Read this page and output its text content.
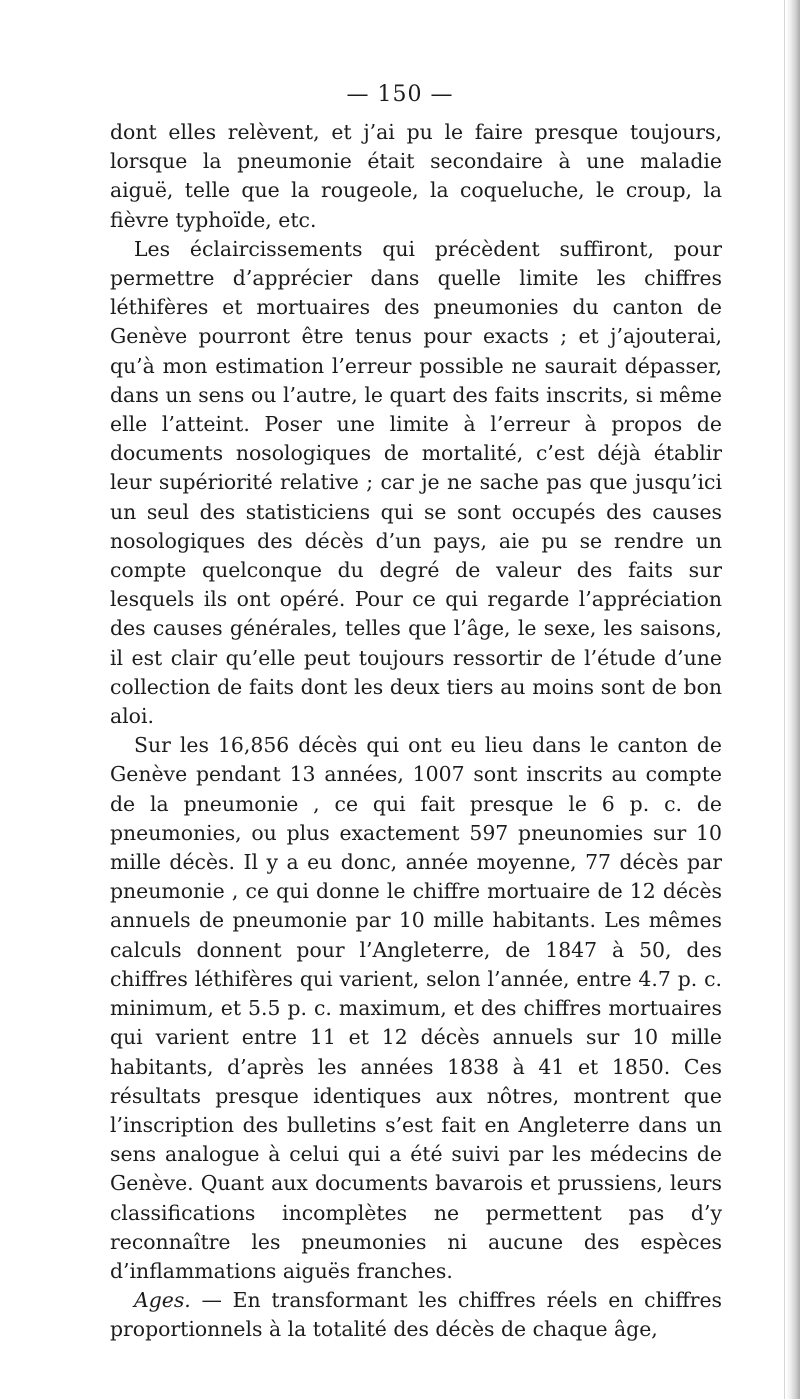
— 150 —

dont elles relèvent, et j’ai pu le faire presque toujours, lorsque la pneumonie était secondaire à une maladie aiguë, telle que la rougeole, la coqueluche, le croup, la fièvre typhoïde, etc.

Les éclaircissements qui précèdent suffiront, pour permettre d’apprécier dans quelle limite les chiffres léthifères et mortuaires des pneumonies du canton de Genève pourront être tenus pour exacts ; et j’ajouterai, qu’à mon estimation l’erreur possible ne saurait dépasser, dans un sens ou l’autre, le quart des faits inscrits, si même elle l’atteint. Poser une limite à l’erreur à propos de documents nosologiques de mortalité, c’est déjà établir leur supériorité relative ; car je ne sache pas que jusqu’ici un seul des statisticiens qui se sont occupés des causes nosologiques des décès d’un pays, aie pu se rendre un compte quelconque du degré de valeur des faits sur lesquels ils ont opéré. Pour ce qui regarde l’appréciation des causes générales, telles que l’âge, le sexe, les saisons, il est clair qu’elle peut toujours ressortir de l’étude d’une collection de faits dont les deux tiers au moins sont de bon aloi.

Sur les 16,856 décès qui ont eu lieu dans le canton de Genève pendant 13 années, 1007 sont inscrits au compte de la pneumonie , ce qui fait presque le 6 p. c. de pneumonies, ou plus exactement 597 pneunomies sur 10 mille décès. Il y a eu donc, année moyenne, 77 décès par pneumonie , ce qui donne le chiffre mortuaire de 12 décès annuels de pneumonie par 10 mille habitants. Les mêmes calculs donnent pour l’Angleterre, de 1847 à 50, des chiffres léthifères qui varient, selon l’année, entre 4.7 p. c. minimum, et 5.5 p. c. maximum, et des chiffres mortuaires qui varient entre 11 et 12 décès annuels sur 10 mille habitants, d’après les années 1838 à 41 et 1850. Ces résultats presque identiques aux nôtres, montrent que l’inscription des bulletins s’est fait en Angleterre dans un sens analogue à celui qui a été suivi par les médecins de Genève. Quant aux documents bavarois et prussiens, leurs classifications incomplètes ne permettent pas d’y reconnaître les pneumonies ni aucune des espèces d’inflammations aiguës franches.

Ages. — En transformant les chiffres réels en chiffres proportionnels à la totalité des décès de chaque âge,
